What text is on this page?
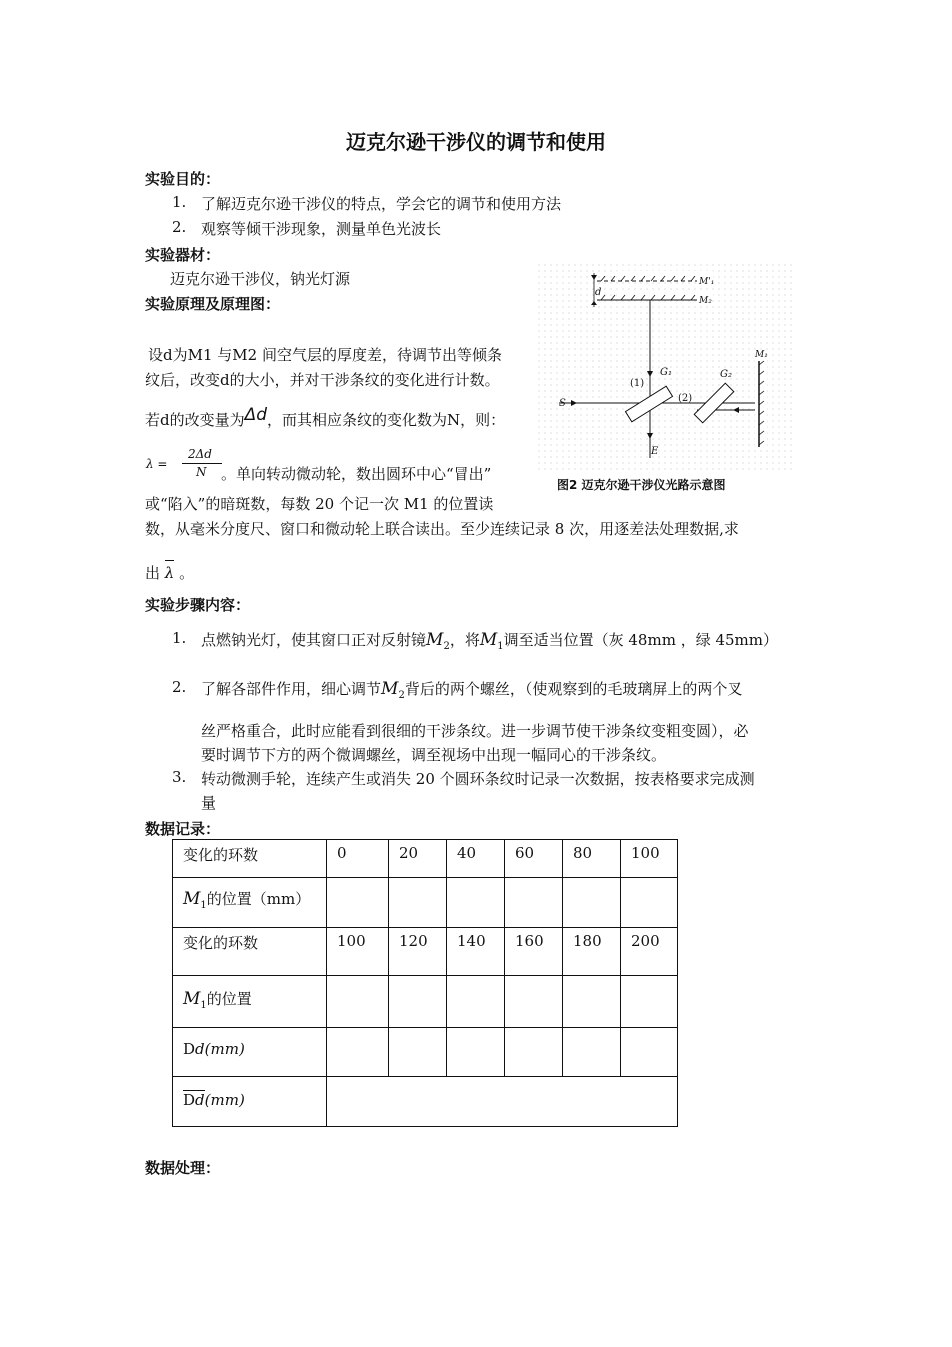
迈克尔逊干涉仪的调节和使用
实验目的：
1. 了解迈克尔逊干涉仪的特点，学会它的调节和使用方法
2. 观察等倾干涉现象，测量单色光波长
实验器材：
迈克尔逊干涉仪，钠光灯源
实验原理及原理图：
设d为M1 与M2 间空气层的厚度差，待调节出等倾条
纹后，改变d的大小，并对干涉条纹的变化进行计数。
若d的改变量为Δd，而其相应条纹的变化数为N，则：
λ =
2Δd
N 。单向转动微动轮，数出圆环中心“冒出”
或“陷入”的暗斑数，每数 20 个记一次 M1 的位置读
数，从毫米分度尺、窗口和微动轮上联合读出。至少连续记录 8 次，用逐差法处理数据,求
出 λ 。
d
M'₁
M₂
S
M₁
G₁	G₂
(1)
(2)
E
图2 迈克尔逊干涉仪光路示意图
实验步骤内容：
1. 点燃钠光灯，使其窗口正对反射镜$M_2$，将$M_1$调至适当位置（灰 48mm ，绿 45mm）
2. 了解各部件作用，细心调节$M_2$背后的两个螺丝，（使观察到的毛玻璃屏上的两个叉
丝严格重合，此时应能看到很细的干涉条纹。进一步调节使干涉条纹变粗变圆），必
要时调节下方的两个微调螺丝，调至视场中出现一幅同心的干涉条纹。
3. 转动微测手轮，连续产生或消失 20 个圆环条纹时记录一次数据，按表格要求完成测
量
数据记录：
变化的环数	0	20	40	60	80	100
$M_1$的位置（mm）						
变化的环数	100	120	140	160	180	200
$M_1$的位置						
Dd(mm)						

Dd(mm)						
数据处理：
